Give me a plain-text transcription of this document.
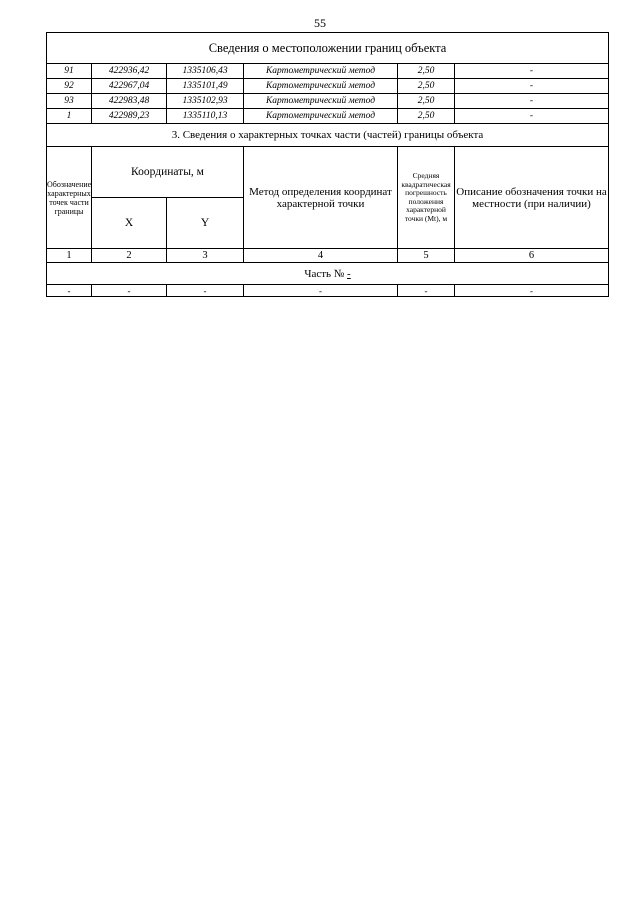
55
Сведения о местоположении границ объекта					
91	422936,42	1335106,43	Картометрический метод	2,50	-
92	422967,04	1335101,49	Картометрический метод	2,50	-
93	422983,48	1335102,93	Картометрический метод	2,50	-
1	422989,23	1335110,13	Картометрический метод	2,50	-
3. Сведения о характерных точках части (частей) границы объекта					
Обозначение характерных точек части границы	Координаты, м		Метод определения координат характерной точки	Средняя квадратическая погрешность положения характерной точки (Мt), м	Описание обозначения точки на местности (при наличии)
	X	Y			
1	2	3	4	5	6
Часть № -					
-	-	-	-	-	-
